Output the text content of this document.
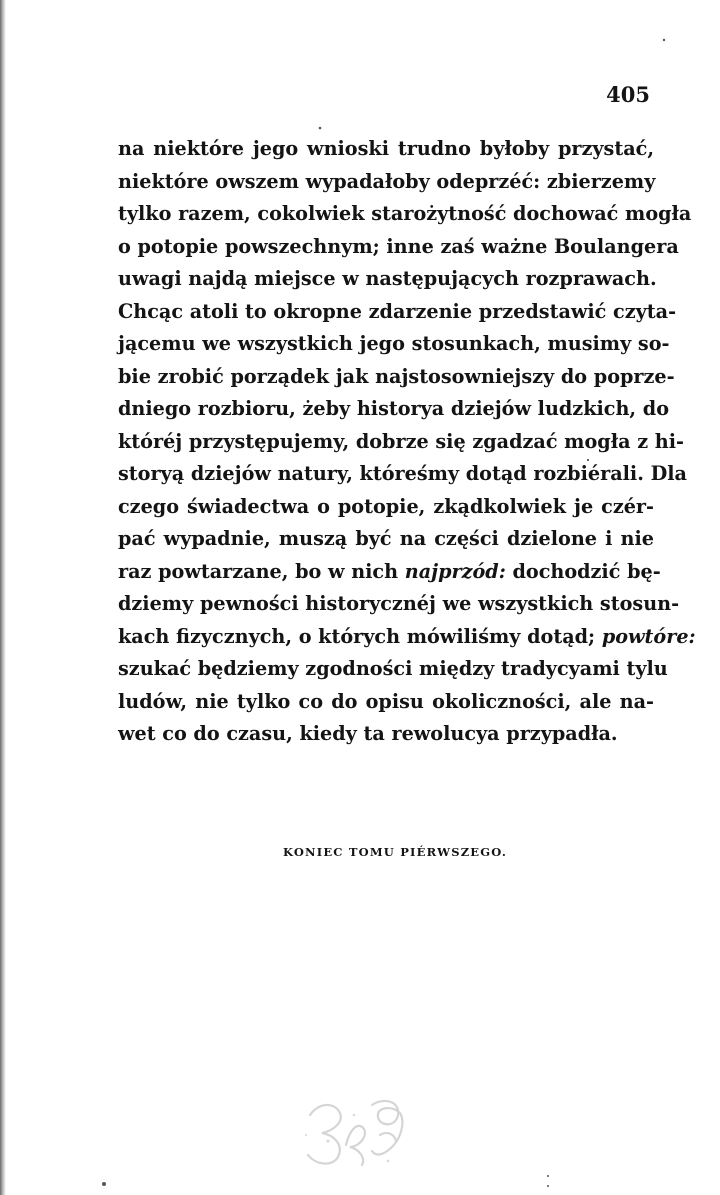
405
na niektóre jego wnioski trudno byłoby przystać,
niektóre owszem wypadałoby odeprzéć: zbierzemy
tylko razem, cokolwiek starożytność dochować mogła
o potopie powszechnym; inne zaś ważne Boulangera
uwagi najdą miejsce w następujących rozprawach.
Chcąc atoli to okropne zdarzenie przedstawić czyta-
jącemu we wszystkich jego stosunkach, musimy so-
bie zrobić porządek jak najstosowniejszy do poprze-
dniego rozbioru, żeby historya dziejów ludzkich, do
któréj przystępujemy, dobrze się zgadzać mogła z hi-
storyą dziejów natury, któreśmy dotąd rozbiérali. Dla
czego świadectwa o potopie, zkądkolwiek je czér-
pać wypadnie, muszą być na części dzielone i nie
raz powtarzane, bo w nich najprzód: dochodzić bę-
dziemy pewności historycznéj we wszystkich stosun-
kach fizycznych, o których mówiliśmy dotąd; powtóre:
szukać będziemy zgodności między tradycyami tylu
ludów, nie tylko co do opisu okoliczności, ale na-
wet co do czasu, kiedy ta rewolucya przypadła.
KONIEC TOMU PIÉRWSZEGO.
